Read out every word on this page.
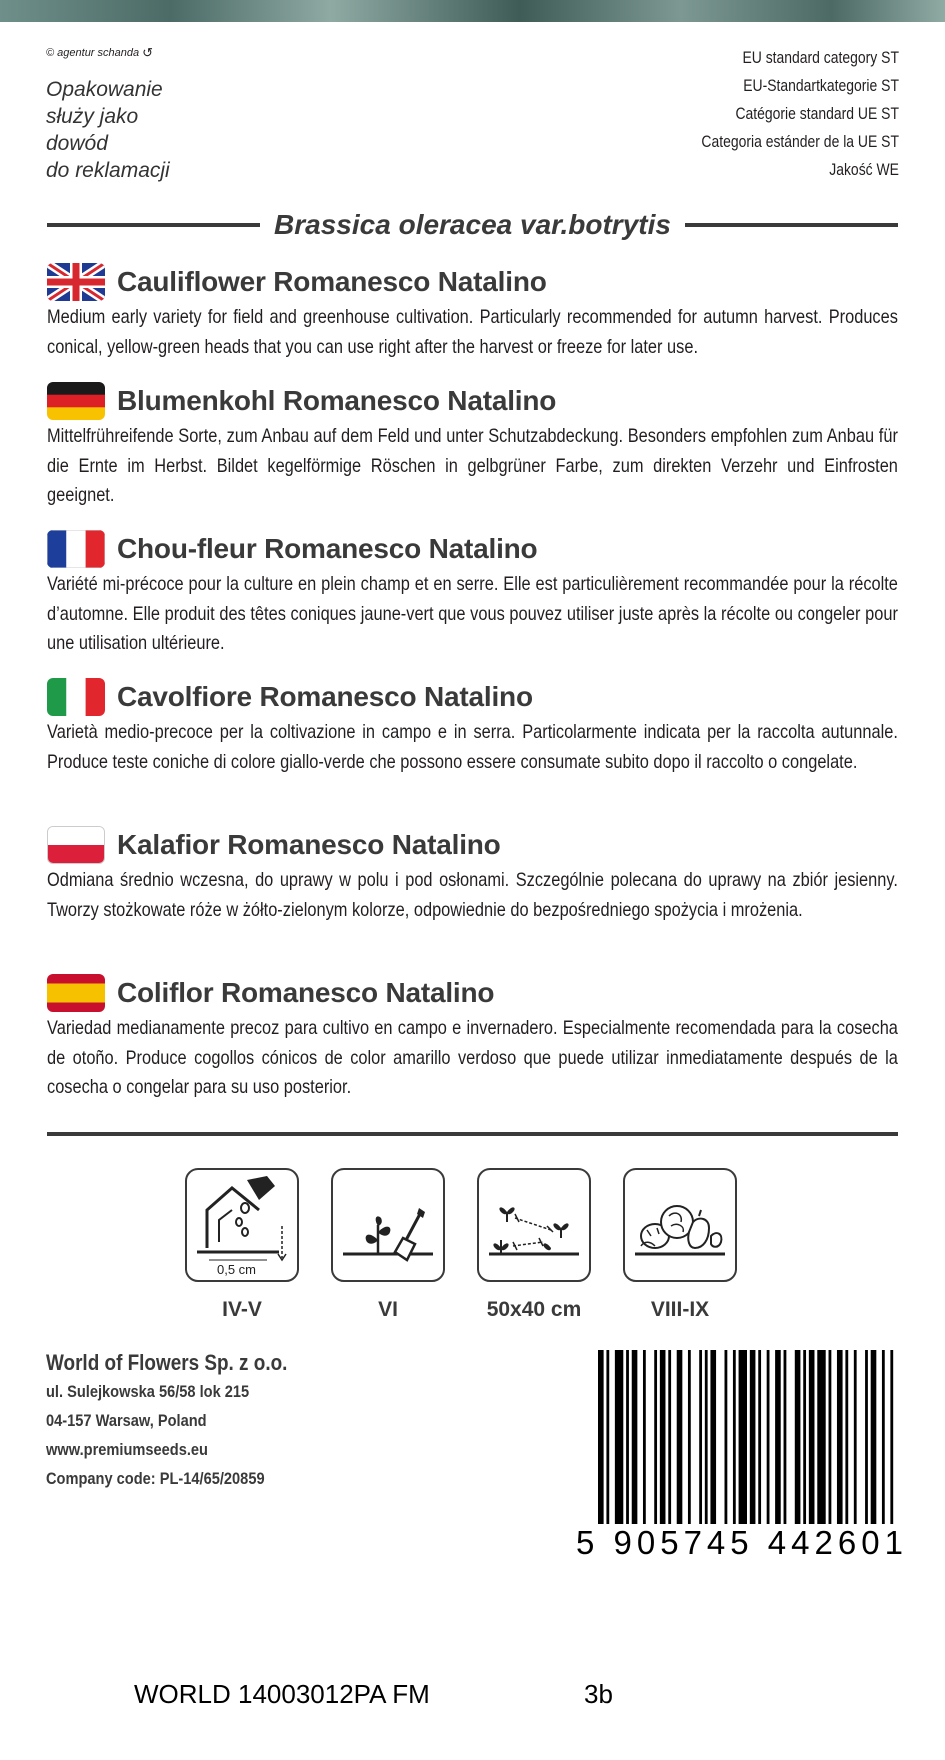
© agentur schanda ↺
Opakowanie
służy jako
dowód
do reklamacji
EU standard category ST
EU-Standartkategorie ST
Catégorie standard UE ST
Categoria estánder de la UE ST
Jakość WE
Brassica oleracea var.botrytis
Cauliflower Romanesco Natalino

Medium early variety for field and greenhouse cultivation. Particularly recommended for autumn harvest. Produces conical, yellow-green heads that you can use right after the harvest or freeze for later use.

Blumenkohl Romanesco Natalino

Mittelfrühreifende Sorte, zum Anbau auf dem Feld und unter Schutzabdeckung. Besonders empfohlen zum Anbau für die Ernte im Herbst. Bildet kegelförmige Röschen in gelbgrüner Farbe, zum direkten Verzehr und Einfrosten geeignet.

Chou-fleur Romanesco Natalino

Variété mi-précoce pour la culture en plein champ et en serre. Elle est particulièrement recommandée pour la récolte d’automne. Elle produit des têtes coniques jaune-vert que vous pouvez utiliser juste après la récolte ou congeler pour une utilisation ultérieure.

Cavolfiore Romanesco Natalino

Varietà medio-precoce per la coltivazione in campo e in serra. Particolarmente indicata per la raccolta autunnale. Produce teste coniche di colore giallo-verde che possono essere consumate subito dopo il raccolto o congelate.

Kalafior Romanesco Natalino

Odmiana średnio wczesna, do uprawy w polu i pod osłonami. Szczególnie polecana do uprawy na zbiór jesienny. Tworzy stożkowate róże w żółto-zielonym kolorze, odpowiednie do bezpośredniego spożycia i mrożenia.

Coliflor Romanesco Natalino

Variedad medianamente precoz para cultivo en campo e invernadero. Especialmente recomendada para la cosecha de otoño. Produce cogollos cónicos de color amarillo verdoso que puede utilizar inmediatamente después de la cosecha o congelar para su uso posterior.

0,5 cm
IV-V	VI	50x40 cm	VIII-IX
World of Flowers Sp. z o.o.
ul. Sulejkowska 56/58 lok 215
04-157 Warsaw, Poland
www.premiumseeds.eu
Company code: PL-14/65/20859
5 905745 442601
WORLD 14003012PA FM	3b
